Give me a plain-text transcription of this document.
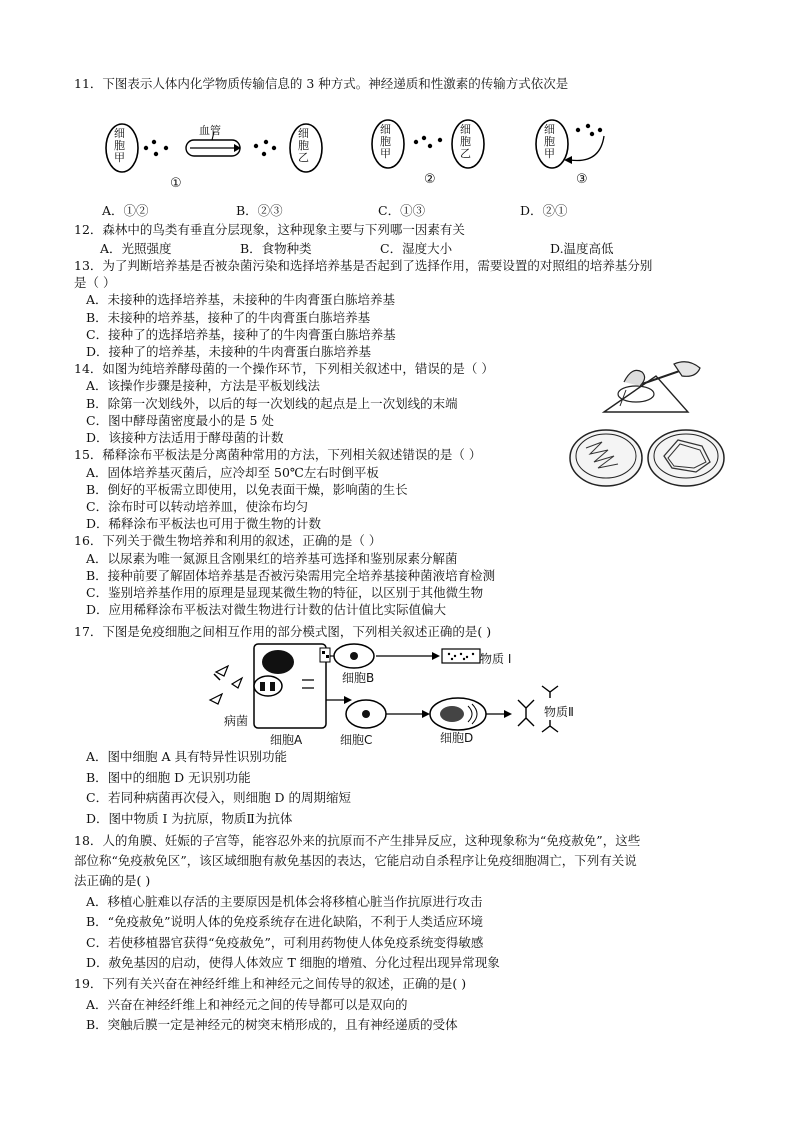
11．下图表示人体内化学物质传输信息的 3 种方式。神经递质和性激素的传输方式依次是
细胞甲
血管	细胞乙
细胞甲
细胞乙
细胞甲
①	②	③
A．①②	B．②③	C．①③	D．②①
12．森林中的鸟类有垂直分层现象，这种现象主要与下列哪一因素有关
A．光照强度	B．食物种类	C．湿度大小	D.温度高低
13．为了判断培养基是否被杂菌污染和选择培养基是否起到了选择作用，需要设置的对照组的培养基分别
是（ ）
A．未接种的选择培养基，未接种的牛肉膏蛋白胨培养基
B．未接种的培养基，接种了的牛肉膏蛋白胨培养基
C．接种了的选择培养基，接种了的牛肉膏蛋白胨培养基
D．接种了的培养基，未接种的牛肉膏蛋白胨培养基
14．如图为纯培养酵母菌的一个操作环节，下列相关叙述中，错误的是（ ）
A．该操作步骤是接种，方法是平板划线法
B．除第一次划线外，以后的每一次划线的起点是上一次划线的末端
C．图中酵母菌密度最小的是 5 处
D．该接种方法适用于酵母菌的计数
15．稀释涂布平板法是分离菌种常用的方法，下列相关叙述错误的是（ ）
A．固体培养基灭菌后，应冷却至 50℃左右时倒平板
B．倒好的平板需立即使用，以免表面干燥，影响菌的生长
C．涂布时可以转动培养皿，使涂布均匀
D．稀释涂布平板法也可用于微生物的计数
16．下列关于微生物培养和利用的叙述，正确的是（ ）
A．以尿素为唯一氮源且含刚果红的培养基可选择和鉴别尿素分解菌
B．接种前要了解固体培养基是否被污染需用完全培养基接种菌液培育检测
C．鉴别培养基作用的原理是显现某微生物的特征，以区别于其他微生物
D．应用稀释涂布平板法对微生物进行计数的估计值比实际值偏大
17．下图是免疫细胞之间相互作用的部分模式图，下列相关叙述正确的是( )
细胞B
物质 I
病菌
细胞A	细胞C	细胞D
物质Ⅱ
A．图中细胞 A 具有特异性识别功能
B．图中的细胞 D 无识别功能
C．若同种病菌再次侵入，则细胞 D 的周期缩短
D．图中物质 I 为抗原，物质Ⅱ为抗体
18．人的角膜、妊娠的子宫等，能容忍外来的抗原而不产生排异反应，这种现象称为“免疫赦免”，这些
部位称“免疫赦免区”，该区域细胞有赦免基因的表达，它能启动自杀程序让免疫细胞凋亡，下列有关说
法正确的是( )
A．移植心脏难以存活的主要原因是机体会将移植心脏当作抗原进行攻击
B．“免疫赦免”说明人体的免疫系统存在进化缺陷，不利于人类适应环境
C．若使移植器官获得“免疫赦免”，可利用药物使人体免疫系统变得敏感
D．赦免基因的启动，使得人体效应 T 细胞的增殖、分化过程出现异常现象
19．下列有关兴奋在神经纤维上和神经元之间传导的叙述，正确的是( )
A．兴奋在神经纤维上和神经元之间的传导都可以是双向的
B．突触后膜一定是神经元的树突末梢形成的，且有神经递质的受体
